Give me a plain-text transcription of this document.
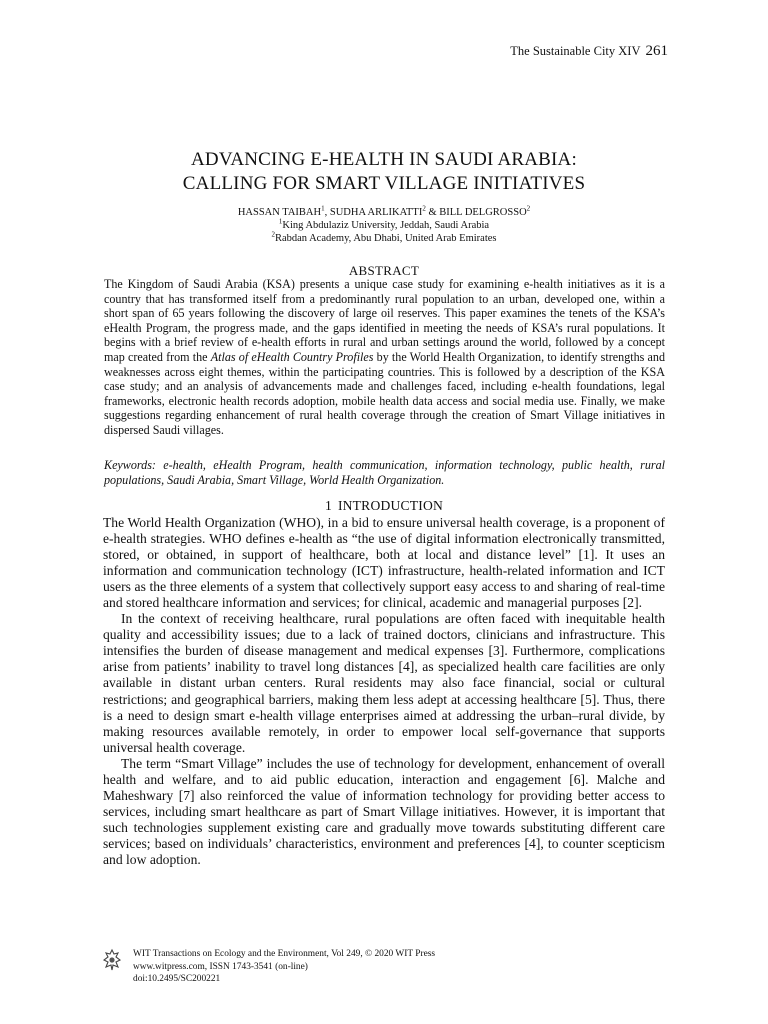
The Sustainable City XIV 261
ADVANCING E-HEALTH IN SAUDI ARABIA:
CALLING FOR SMART VILLAGE INITIATIVES
HASSAN TAIBAH$^1$, SUDHA ARLIKATTI$^2$ & BILL DELGROSSO$^2$
$^1$King Abdulaziz University, Jeddah, Saudi Arabia
$^2$Rabdan Academy, Abu Dhabi, United Arab Emirates
ABSTRACT
The Kingdom of Saudi Arabia (KSA) presents a unique case study for examining e-health initiatives as it is a country that has transformed itself from a predominantly rural population to an urban, developed one, within a short span of 65 years following the discovery of large oil reserves. This paper examines the tenets of the KSA’s eHealth Program, the progress made, and the gaps identified in meeting the needs of KSA’s rural populations. It begins with a brief review of e-health efforts in rural and urban settings around the world, followed by a concept map created from the Atlas of eHealth Country Profiles by the World Health Organization, to identify strengths and weaknesses across eight themes, within the participating countries. This is followed by a description of the KSA case study; and an analysis of advancements made and challenges faced, including e-health foundations, legal frameworks, electronic health records adoption, mobile health data access and social media use. Finally, we make suggestions regarding enhancement of rural health coverage through the creation of Smart Village initiatives in dispersed Saudi villages.
Keywords: e-health, eHealth Program, health communication, information technology, public health, rural populations, Saudi Arabia, Smart Village, World Health Organization.
1 INTRODUCTION

The World Health Organization (WHO), in a bid to ensure universal health coverage, is a proponent of e-health strategies. WHO defines e-health as “the use of digital information electronically transmitted, stored, or obtained, in support of healthcare, both at local and distance level” [1]. It uses an information and communication technology (ICT) infrastructure, health-related information and ICT users as the three elements of a system that collectively support easy access to and sharing of real-time and stored healthcare information and services; for clinical, academic and managerial purposes [2].

In the context of receiving healthcare, rural populations are often faced with inequitable health quality and accessibility issues; due to a lack of trained doctors, clinicians and infrastructure. This intensifies the burden of disease management and medical expenses [3]. Furthermore, complications arise from patients’ inability to travel long distances [4], as specialized health care facilities are only available in distant urban centers. Rural residents may also face financial, social or cultural restrictions; and geographical barriers, making them less adept at accessing healthcare [5]. Thus, there is a need to design smart e-health village enterprises aimed at addressing the urban–rural divide, by making resources available remotely, in order to empower local self-governance that supports universal health coverage.

The term “Smart Village” includes the use of technology for development, enhancement of overall health and welfare, and to aid public education, interaction and engagement [6]. Malche and Maheshwary [7] also reinforced the value of information technology for providing better access to services, including smart healthcare as part of Smart Village initiatives. However, it is important that such technologies supplement existing care and gradually move towards substituting different care services; based on individuals’ characteristics, environment and preferences [4], to counter scepticism and low adoption.

WIT Transactions on Ecology and the Environment, Vol 249, © 2020 WIT Press
www.witpress.com, ISSN 1743-3541 (on-line)
doi:10.2495/SC200221
